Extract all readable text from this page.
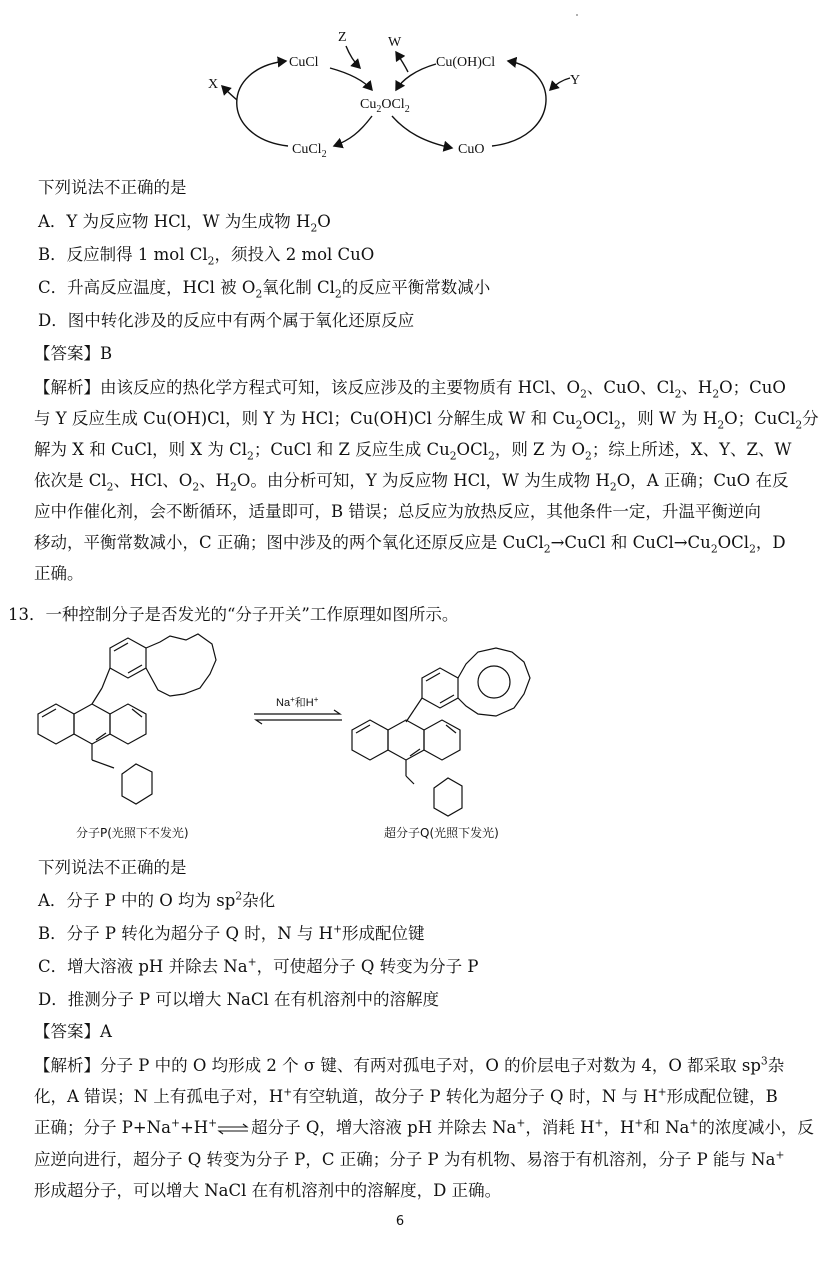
CuCl
$Cu_2OCl_2$
Cu(OH)Cl
CuCl$_2$	CuO
X	Y
Z	W
下列说法不正确的是
A．Y 为反应物 HCl，W 为生成物 $H_2O$
B．反应制得 1 mol $Cl_2$，须投入 2 mol CuO
C．升高反应温度，HCl 被 $O_2$氧化制 $Cl_2$的反应平衡常数减小
D．图中转化涉及的反应中有两个属于氧化还原反应
【答案】B
【解析】由该反应的热化学方程式可知，该反应涉及的主要物质有 HCl、$O_2$、CuO、$Cl_2$、$H_2O$；CuO
与 Y 反应生成 Cu(OH)Cl，则 Y 为 HCl；Cu(OH)Cl 分解生成 W 和 $Cu_2OCl_2$，则 W 为 $H_2O$；CuCl$_2$分
解为 X 和 CuCl，则 X 为 $Cl_2$；CuCl 和 Z 反应生成 $Cu_2OCl_2$，则 Z 为 $O_2$；综上所述，X、Y、Z、W
依次是 $Cl_2$、HCl、$O_2$、$H_2O$。由分析可知，Y 为反应物 HCl，W 为生成物 $H_2O$，A 正确；CuO 在反
应中作催化剂，会不断循环，适量即可，B 错误；总反应为放热反应，其他条件一定，升温平衡逆向
移动，平衡常数减小，C 正确；图中涉及的两个氧化还原反应是 CuCl$_2$→CuCl 和 $CuCl\to Cu_2OCl_2$，D
正确。
13．一种控制分子是否发光的“分子开关”工作原理如图所示。
Na+和H+
分子P(光照下不发光)	超分子Q(光照下发光)
下列说法不正确的是
A．分子 P 中的 O 均为 $sp^2$杂化
B．分子 P 转化为超分子 Q 时，N 与 H+形成配位键
C．增大溶液 pH 并除去 Na+，可使超分子 Q 转变为分子 P
D．推测分子 P 可以增大 NaCl 在有机溶剂中的溶解度
【答案】A
【解析】分子 P 中的 O 均形成 2 个 σ 键、有两对孤电子对，O 的价层电子对数为 4，O 都采取 $sp^3$杂
化，A 错误；N 上有孤电子对，H+有空轨道，故分子 P 转化为超分子 Q 时，N 与 H+形成配位键，B
正确；分子 P+Na++H+ 超分子 Q，增大溶液 pH 并除去 Na+，消耗 H+，H+和 Na+的浓度减小，反
应逆向进行，超分子 Q 转变为分子 P，C 正确；分子 P 为有机物、易溶于有机溶剂，分子 P 能与 Na+
形成超分子，可以增大 NaCl 在有机溶剂中的溶解度，D 正确。
6
